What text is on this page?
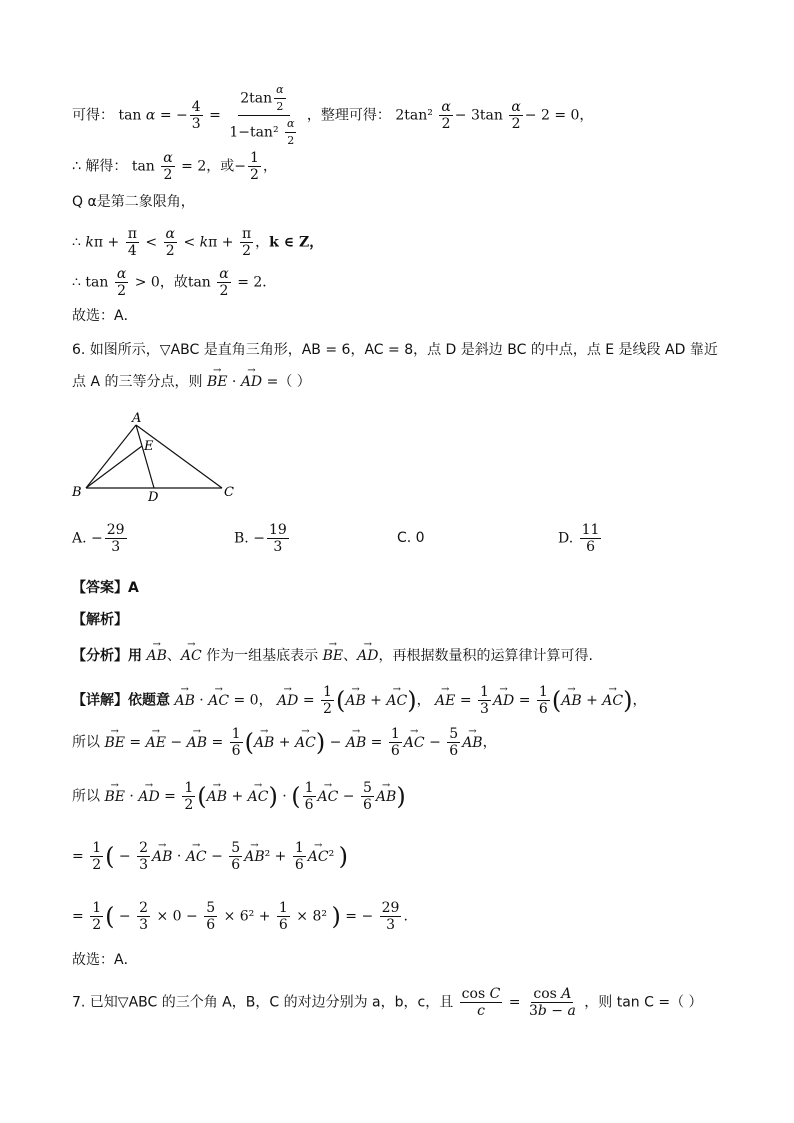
可得： tan α = − $\frac{4}{3} = \frac{2\tan \frac{\alpha}{2}}{1-\tan^2 \frac{\alpha}{2}}$ ，整理可得： $2\tan^2 \frac{\alpha}{2} - 3\tan \frac{\alpha}{2} - 2 = 0$，
∴ 解得： $\tan \frac{\alpha}{2} = 2$，或− $\frac{1}{2}$ ，
Q α是第二象限角，
∴ $k\pi + \frac{\pi}{4} < \frac{\alpha}{2} < k\pi + \frac{\pi}{2}$ ，k ∈ Z，
∴ $\tan \frac{\alpha}{2} > 0$，故$\tan \frac{\alpha}{2} = 2$．
故选：A．
6. 如图所示，▽ABC 是直角三角形，AB = 6，AC = 8，点 D 是斜边 BC 的中点，点 E 是线段 AD 靠近
点 A 的三等分点，则 → BE · → AD =（ ）
A
B	C
D
E
A. − $\frac{29}{3}$	B. − $\frac{19}{3}$	C. 0	D. $\frac{11}{6}$
【答案】A
【解析】
【分析】用 → AB、→ AC 作为一组基底表示 → BE、→ AD，再根据数量积的运算律计算可得.
【详解】依题意 → AB · → AC = 0， → AD = $\frac{1}{2}$ (→ AB + → AC)， → AE = $\frac{1}{3}$
→ AD = $\frac{1}{6}$ (→ AB + → AC)，
所以 → BE = → AE − → AB = $\frac{1}{6}$ (→ AB + → AC) − → AB = $\frac{1}{6}$
→ AC − $\frac{5}{6}$
→ AB，
所以 → BE · → AD = $\frac{1}{2}$ (→ AB + → AC) · ( $\frac{1}{6}$
→ AC − $\frac{5}{6}$
→ AB)
= $\frac{1}{2}$ ( − $\frac{2}{3}$
→ AB · → AC − $\frac{5}{6}$
→ $AB^2 + \frac{1}{6}$
→ AC² )
= $\frac{1}{2}$ ( − $\frac{2}{3} \times 0 - \frac{5}{6} \times 6^2 + \frac{1}{6} \times 8^2$ ) = − $\frac{29}{3}$ .
故选：A．
7. 已知▽ABC 的三个角 A，B，C 的对边分别为 a，b，c，且 $\frac{\text{cos C}}{c} = \frac{\text{cos A}}{3b - a}$ ，则 tan C =（ ）
